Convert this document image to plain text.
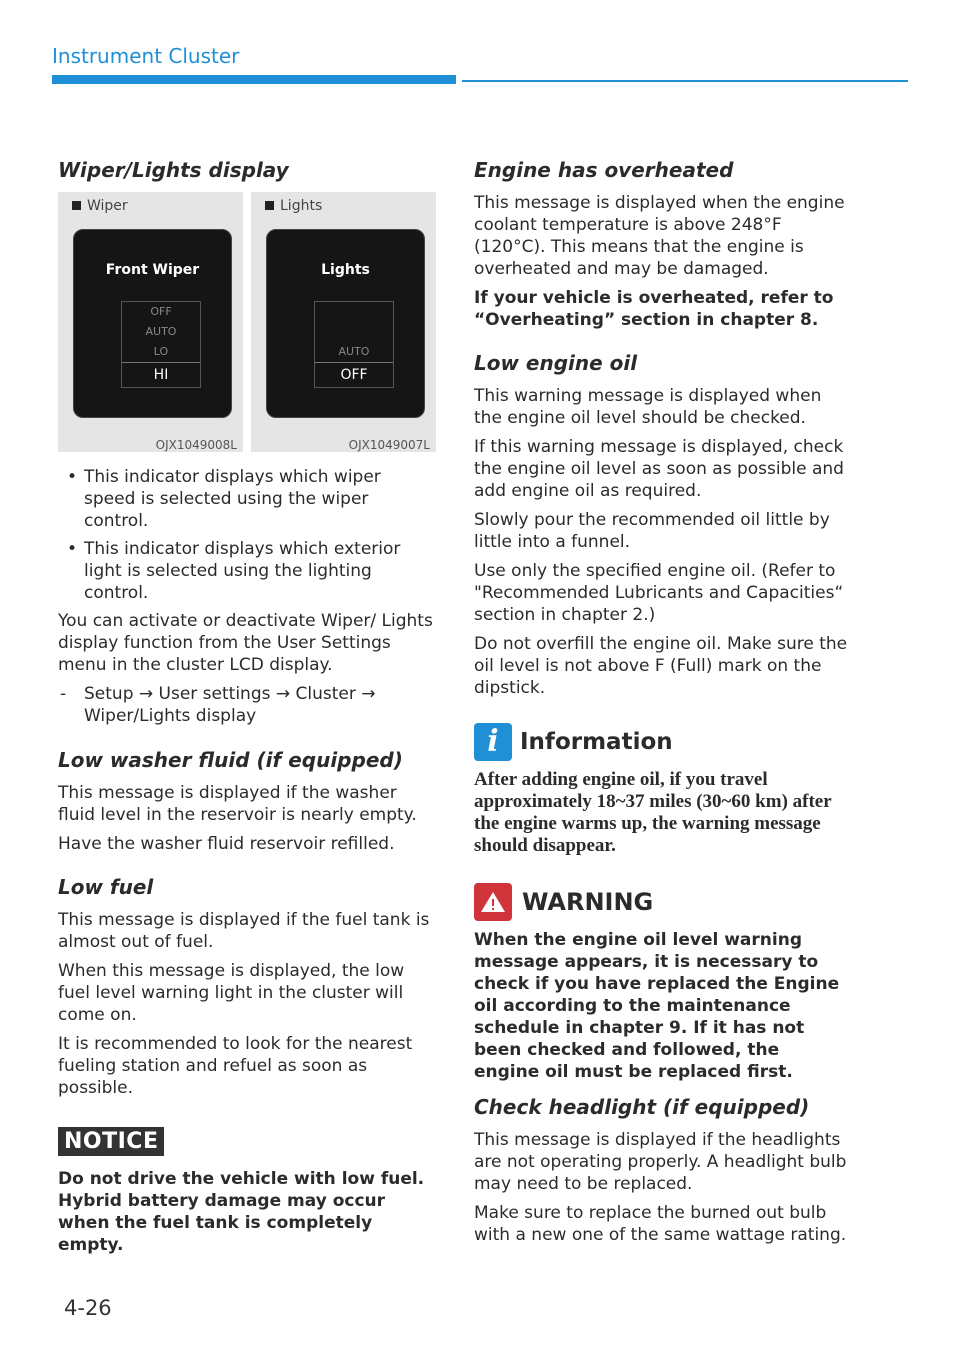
Instrument Cluster
Wiper/Lights display
Wiper
Front Wiper
OFF
AUTO
LO
HI
OJX1049008L
Lights
Lights
AUTO
OFF
OJX1049007L
• This indicator displays which wiper speed is selected using the wiper control.
• This indicator displays which exterior light is selected using the lighting control.

You can activate or deactivate Wiper/ Lights display function from the User Settings menu in the cluster LCD display.

- Setup → User settings → Cluster → Wiper/Lights display
Low washer fluid (if equipped)

This message is displayed if the washer fluid level in the reservoir is nearly empty.

Have the washer fluid reservoir refilled.

Low fuel

This message is displayed if the fuel tank is almost out of fuel.

When this message is displayed, the low fuel level warning light in the cluster will come on.

It is recommended to look for the nearest fueling station and refuel as soon as possible.

NOTICE
Do not drive the vehicle with low fuel. Hybrid battery damage may occur when the fuel tank is completely empty.
Engine has overheated

This message is displayed when the engine coolant temperature is above 248°F (120°C). This means that the engine is overheated and may be damaged.

If your vehicle is overheated, refer to “Overheating” section in chapter 8.

Low engine oil

This warning message is displayed when the engine oil level should be checked.

If this warning message is displayed, check the engine oil level as soon as possible and add engine oil as required.

Slowly pour the recommended oil little by little into a funnel.

Use only the specified engine oil. (Refer to "Recommended Lubricants and Capacities“ section in chapter 2.)

Do not overfill the engine oil. Make sure the oil level is not above F (Full) mark on the dipstick.

i Information
After adding engine oil, if you travel approximately 18~37 miles (30~60 km) after the engine warms up, the warning message should disappear.
WARNING
When the engine oil level warning message appears, it is necessary to check if you have replaced the Engine oil according to the maintenance schedule in chapter 9. If it has not been checked and followed, the engine oil must be replaced first.
Check headlight (if equipped)

This message is displayed if the headlights are not operating properly. A headlight bulb may need to be replaced.

Make sure to replace the burned out bulb with a new one of the same wattage rating.

4-26
